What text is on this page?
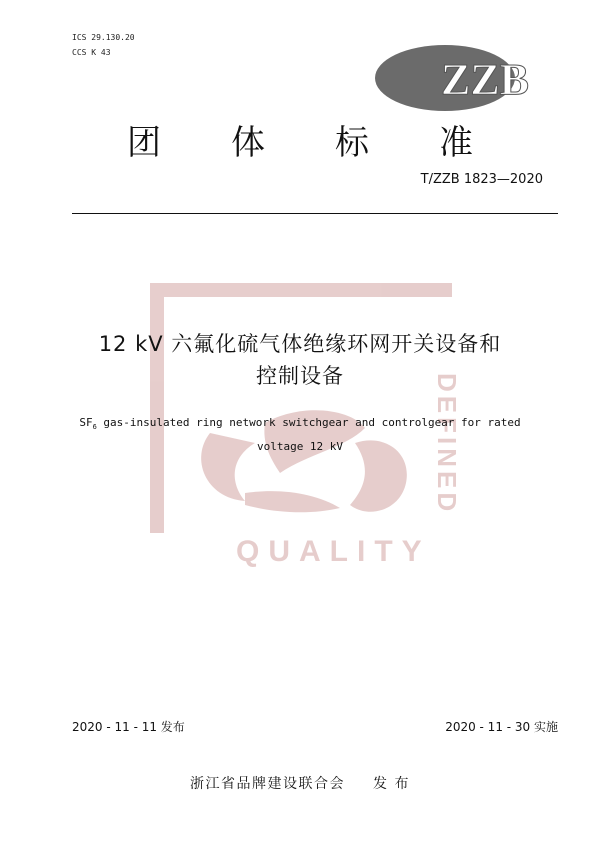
ICS 29.130.20
CCS K 43
ZZB
团体标准
T/ZZB 1823—2020
DEFINED
QUALITY
12 kV 六氟化硫气体绝缘环网开关设备和
控制设备
$SF_6$ gas-insulated ring network switchgear and controlgear for rated
voltage 12 kV
2020 - 11 - 11 发布	2020 - 11 - 30 实施
浙江省品牌建设联合会 发 布
